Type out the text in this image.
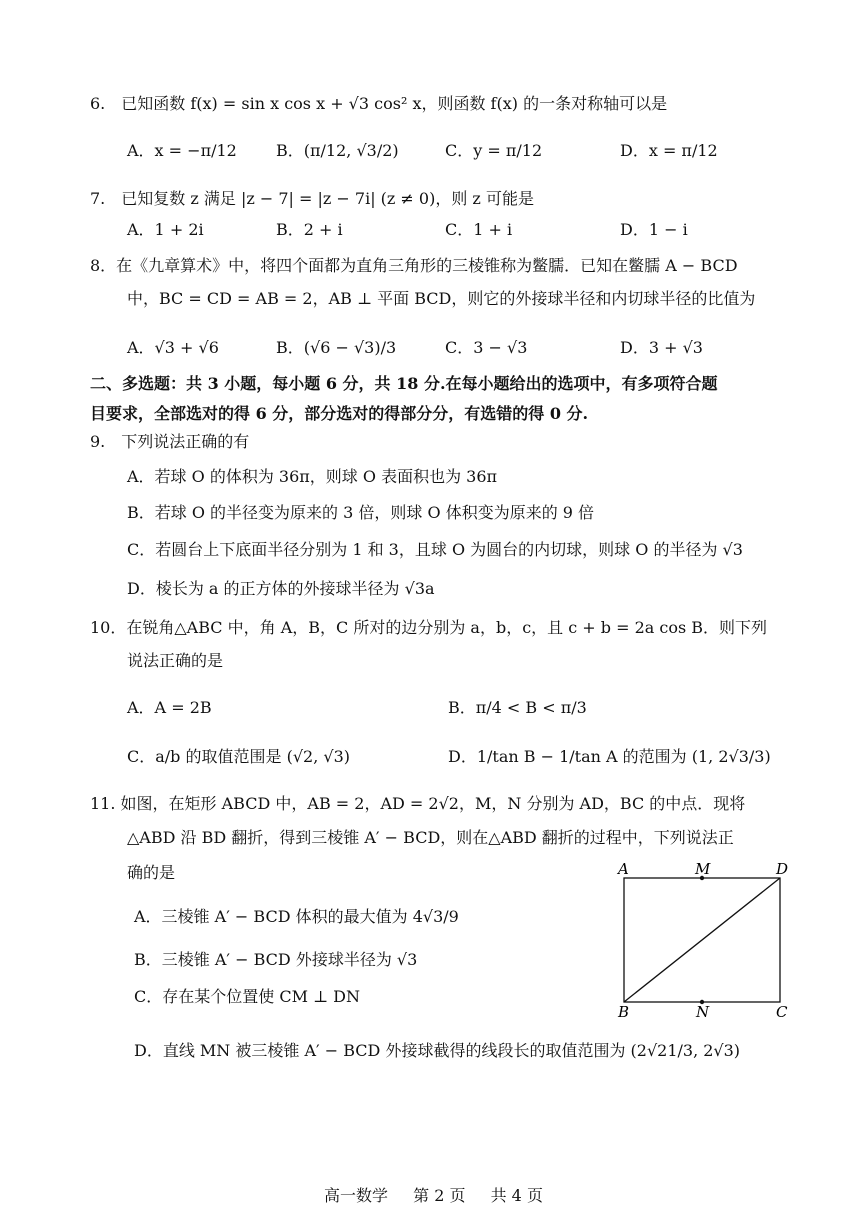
6.　已知函数 f(x) = sin x cos x + √3 cos² x，则函数 f(x) 的一条对称轴可以是
A．x = −π/12 B．(π/12, √3/2)	C．y = π/12	D．x = π/12
7.　已知复数 z 满足 |z − 7| = |z − 7i| (z ≠ 0)，则 z 可能是
A．1 + 2i	B．2 + i	C．1 + i	D．1 − i
8．在《九章算术》中，将四个面都为直角三角形的三棱锥称为鳖臑．已知在鳖臑 A − BCD
中，BC = CD = AB = 2，AB ⊥ 平面 BCD，则它的外接球半径和内切球半径的比值为
A．√3 + √6	B．(√6 − √3)/3	C．3 − √3	D．3 + √3
二、多选题：共 3 小题，每小题 6 分，共 18 分.在每小题给出的选项中，有多项符合题
目要求，全部选对的得 6 分，部分选对的得部分分，有选错的得 0 分.
9.　下列说法正确的有
A．若球 O 的体积为 36π，则球 O 表面积也为 36π
B．若球 O 的半径变为原来的 3 倍，则球 O 体积变为原来的 9 倍
C．若圆台上下底面半径分别为 1 和 3，且球 O 为圆台的内切球，则球 O 的半径为 √3
D．棱长为 a 的正方体的外接球半径为 √3a
10．在锐角△ABC 中，角 A，B，C 所对的边分别为 a，b，c，且 c + b = 2a cos B．则下列
说法正确的是
A．A = 2B	B．π/4 < B < π/3
C．a/b 的取值范围是 (√2, √3)	D．1/tan B − 1/tan A 的范围为 (1, 2√3/3)
11. 如图，在矩形 ABCD 中，AB = 2，AD = 2√2，M，N 分别为 AD，BC 的中点．现将
△ABD 沿 BD 翻折，得到三棱锥 A′ − BCD，则在△ABD 翻折的过程中，下列说法正
确的是
A．三棱锥 A′ − BCD 体积的最大值为 4√3/9
B．三棱锥 A′ − BCD 外接球半径为 √3
C．存在某个位置使 CM ⊥ DN
D．直线 MN 被三棱锥 A′ − BCD 外接球截得的线段长的取值范围为 (2√21/3, 2√3)
A	M	D
B	N	C
高一数学 第 2 页 共 4 页
